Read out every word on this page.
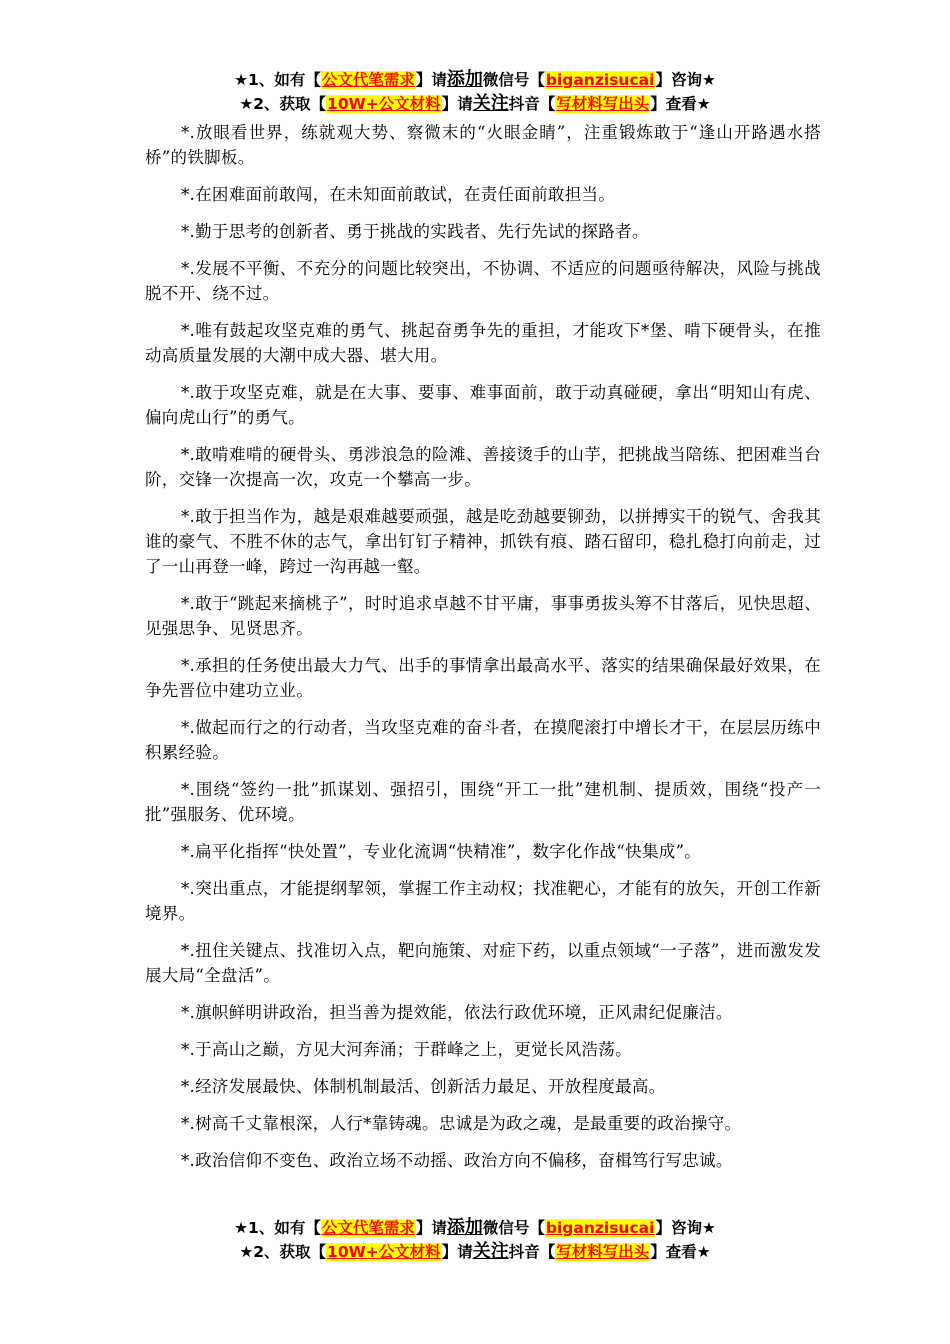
★1、如有【公文代笔需求】请添加微信号【biganzisucai】咨询★
★2、获取【10W+公文材料】请关注抖音【写材料写出头】查看★

*.放眼看世界，练就观大势、察微末的“火眼金睛”，注重锻炼敢于“逢山开路遇水搭桥”的铁脚板。

*.在困难面前敢闯，在未知面前敢试，在责任面前敢担当。

*.勤于思考的创新者、勇于挑战的实践者、先行先试的探路者。

*.发展不平衡、不充分的问题比较突出，不协调、不适应的问题亟待解决，风险与挑战脱不开、绕不过。

*.唯有鼓起攻坚克难的勇气、挑起奋勇争先的重担，才能攻下*堡、啃下硬骨头，在推动高质量发展的大潮中成大器、堪大用。

*.敢于攻坚克难，就是在大事、要事、难事面前，敢于动真碰硬，拿出“明知山有虎、偏向虎山行”的勇气。

*.敢啃难啃的硬骨头、勇涉浪急的险滩、善接烫手的山芋，把挑战当陪练、把困难当台阶，交锋一次提高一次，攻克一个攀高一步。

*.敢于担当作为，越是艰难越要顽强，越是吃劲越要铆劲，以拼搏实干的锐气、舍我其谁的豪气、不胜不休的志气，拿出钉钉子精神，抓铁有痕、踏石留印，稳扎稳打向前走，过了一山再登一峰，跨过一沟再越一壑。

*.敢于“跳起来摘桃子”，时时追求卓越不甘平庸，事事勇拔头筹不甘落后，见快思超、见强思争、见贤思齐。

*.承担的任务使出最大力气、出手的事情拿出最高水平、落实的结果确保最好效果，在争先晋位中建功立业。

*.做起而行之的行动者，当攻坚克难的奋斗者，在摸爬滚打中增长才干，在层层历练中积累经验。

*.围绕“签约一批”抓谋划、强招引，围绕“开工一批”建机制、提质效，围绕“投产一批”强服务、优环境。

*.扁平化指挥“快处置”，专业化流调“快精准”，数字化作战“快集成”。

*.突出重点，才能提纲挈领，掌握工作主动权；找准靶心，才能有的放矢，开创工作新境界。

*.扭住关键点、找准切入点，靶向施策、对症下药，以重点领域“一子落”，进而激发发展大局“全盘活”。

*.旗帜鲜明讲政治，担当善为提效能，依法行政优环境，正风肃纪促廉洁。

*.于高山之巅，方见大河奔涌；于群峰之上，更觉长风浩荡。

*.经济发展最快、体制机制最活、创新活力最足、开放程度最高。

*.树高千丈靠根深，人行*靠铸魂。忠诚是为政之魂，是最重要的政治操守。

*.政治信仰不变色、政治立场不动摇、政治方向不偏移，奋楫笃行写忠诚。

★1、如有【公文代笔需求】请添加微信号【biganzisucai】咨询★
★2、获取【10W+公文材料】请关注抖音【写材料写出头】查看★
